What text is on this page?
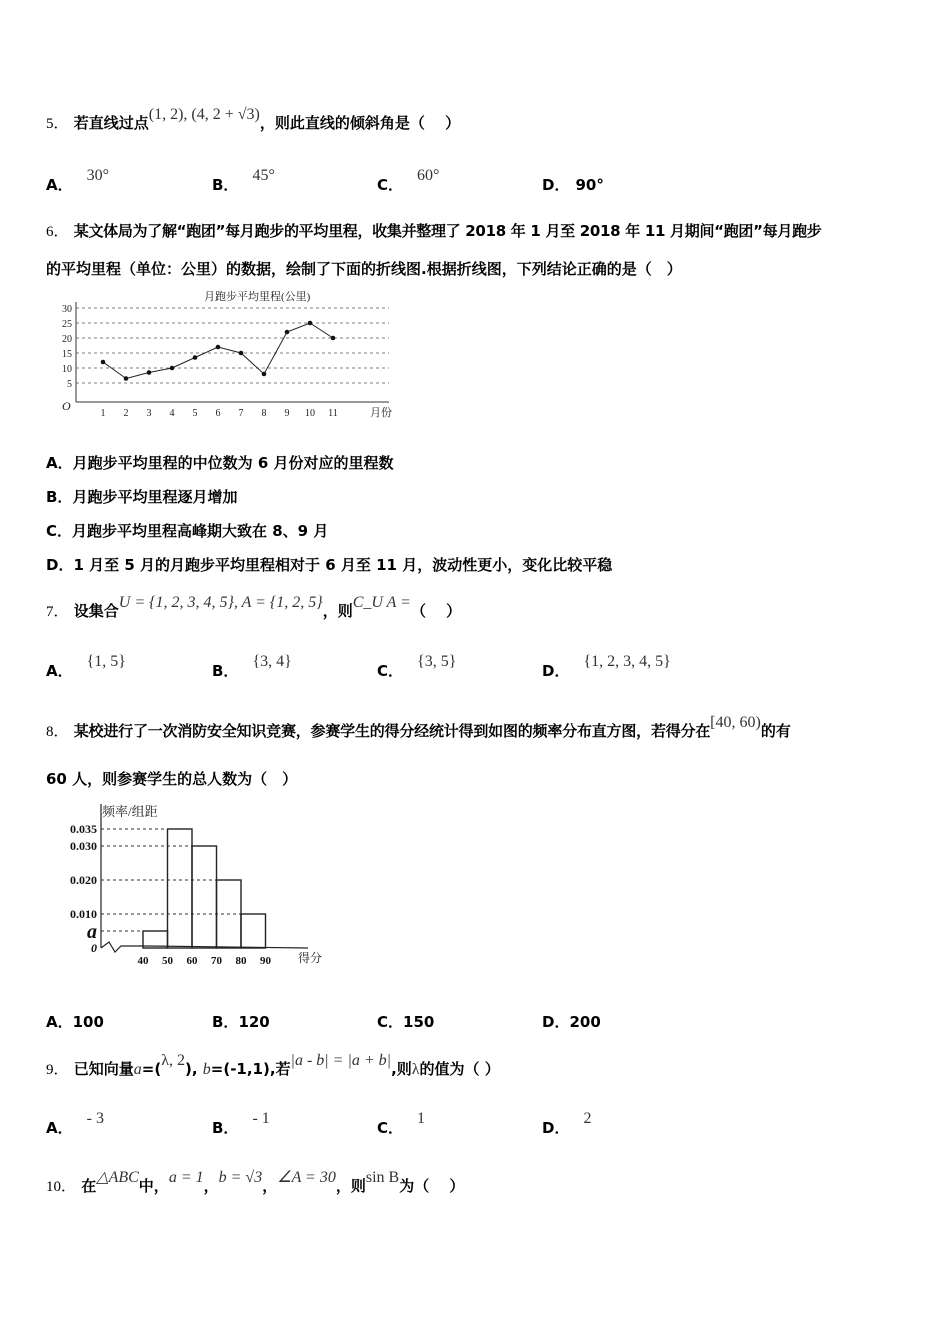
5． 若直线过点(1, 2), (4, 2 + √3)，则此直线的倾斜角是（　 ）
A．30°
B．45°
C．60°
D． 90°
6． 某文体局为了解“跑团”每月跑步的平均里程，收集并整理了 2018 年 1 月至 2018 年 11 月期间“跑团”每月跑步
的平均里程（单位：公里）的数据，绘制了下面的折线图.根据折线图，下列结论正确的是（　）
月跑步平均里程(公里)
5
10
15
20
25
30
1 2 3 4 5 6 7 8 9 10 11
O	月份
A．月跑步平均里程的中位数为 6 月份对应的里程数
B．月跑步平均里程逐月增加
C．月跑步平均里程高峰期大致在 8、9 月
D．1 月至 5 月的月跑步平均里程相对于 6 月至 11 月，波动性更小，变化比较平稳
7． 设集合U = {1, 2, 3, 4, 5}, A = {1, 2, 5}，则C_U A =（　 ）
A．{1, 5}
B．{3, 4}
C．{3, 5}
D．{1, 2, 3, 4, 5}
8． 某校进行了一次消防安全知识竞赛，参赛学生的得分经统计得到如图的频率分布直方图，若得分在[40, 60)的有
60 人，则参赛学生的总人数为（　）
频率/组距
0.035
0.030
0.020
0.010
a
0
40 50 60 70 80 90 得分
A．100	B．120	C．150	D．200
9． 已知向量a=(λ, 2), b=(-1,1),若|a - b| = |a + b|,则λ的值为（ ）
A．- 3
B．- 1
C．1
D．2
10． 在△ABC中，a = 1，b = √3，∠A = 30，则sin B为（　 ）
